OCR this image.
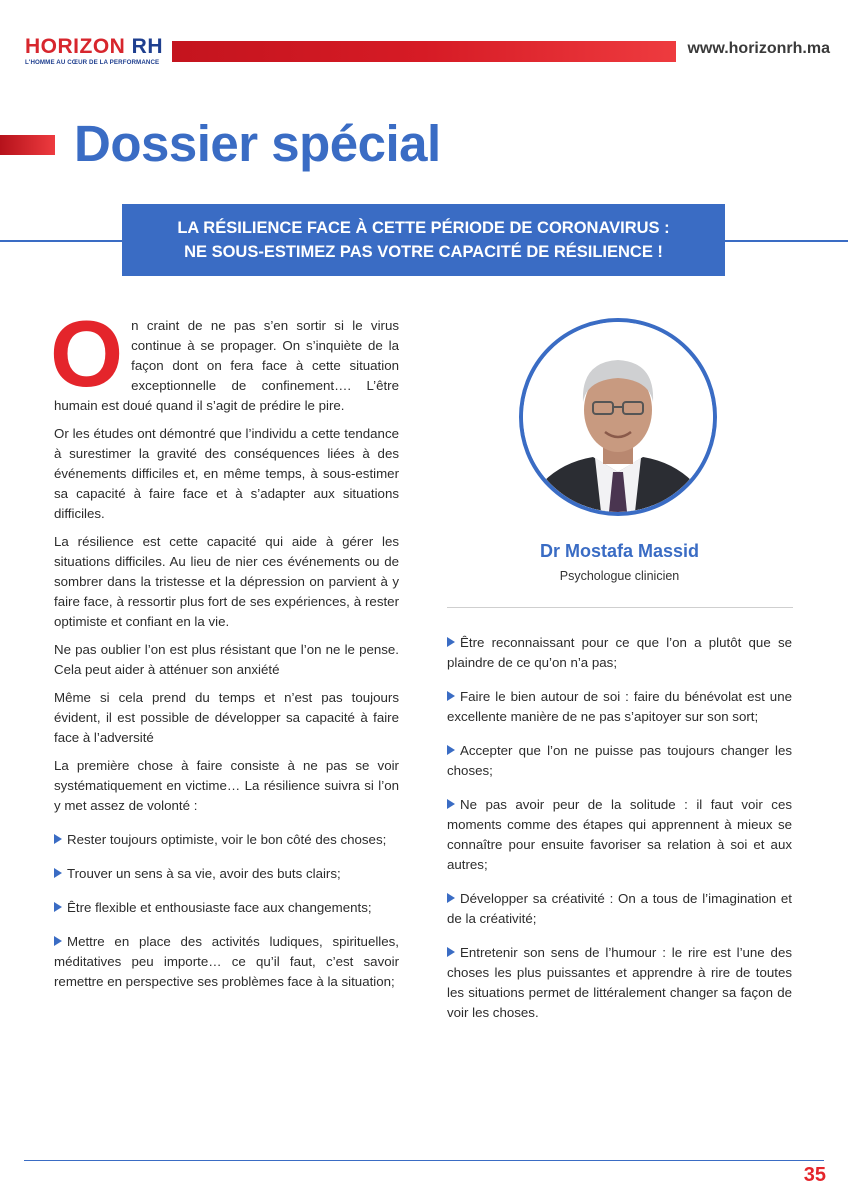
HORIZON RH
L'HOMME AU CŒUR DE LA PERFORMANCE
www.horizonrh.ma
Dossier spécial
LA RÉSILIENCE FACE À CETTE PÉRIODE DE CORONAVIRUS :
NE SOUS-ESTIMEZ PAS VOTRE CAPACITÉ DE RÉSILIENCE !

On craint de ne pas s’en sortir si le virus continue à se propager. On s’inquiète de la façon dont on fera face à cette situation exceptionnelle de confinement…. L’être humain est doué quand il s’agit de prédire le pire.

Or les études ont démontré que l’individu a cette tendance à surestimer la gravité des conséquences liées à des événements difficiles et, en même temps, à sous-estimer sa capacité à faire face et à s’adapter aux situations difficiles.

La résilience est cette capacité qui aide à gérer les situations difficiles. Au lieu de nier ces événements ou de sombrer dans la tristesse et la dépression on parvient à y faire face, à ressortir plus fort de ses expériences, à rester optimiste et confiant en la vie.

Ne pas oublier l’on est plus résistant que l’on ne le pense. Cela peut aider à atténuer son anxiété

Même si cela prend du temps et n’est pas toujours évident, il est possible de développer sa capacité à faire face à l’adversité

La première chose à faire consiste à ne pas se voir systématiquement en victime… La résilience suivra si l’on y met assez de volonté :

Rester toujours optimiste, voir le bon côté des choses;

Trouver un sens à sa vie, avoir des buts clairs;

Être flexible et enthousiaste face aux changements;

Mettre en place des activités ludiques, spirituelles, méditatives peu importe… ce qu’il faut, c’est savoir remettre en perspective ses problèmes face à la situation;

Dr Mostafa Massid
Psychologue clinicien

Être reconnaissant pour ce que l’on a plutôt que se plaindre de ce qu’on n’a pas;

Faire le bien autour de soi : faire du bénévolat est une excellente manière de ne pas s’apitoyer sur son sort;

Accepter que l’on ne puisse pas toujours changer les choses;

Ne pas avoir peur de la solitude : il faut voir ces moments comme des étapes qui apprennent à mieux se connaître pour ensuite favoriser sa relation à soi et aux autres;

Développer sa créativité : On a tous de l’imagination et de la créativité;

Entretenir son sens de l’humour : le rire est l’une des choses les plus puissantes et apprendre à rire de toutes les situations permet de littéralement changer sa façon de voir les choses.

35
